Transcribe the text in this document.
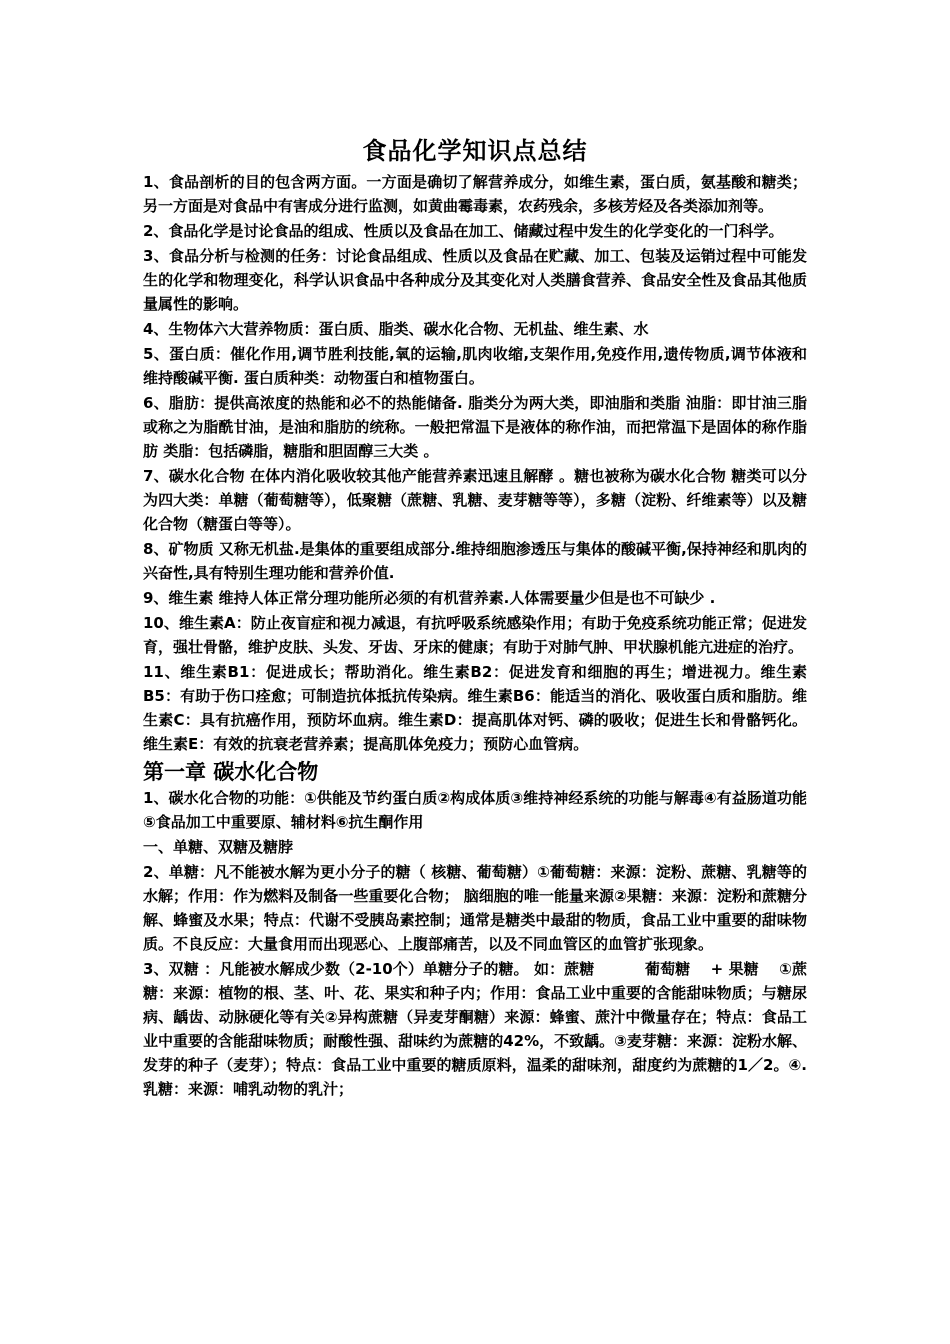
食品化学知识点总结

1、食品剖析的目的包含两方面。一方面是确切了解营养成分，如维生素，蛋白质，氨基酸和糖类；另一方面是对食品中有害成分进行监测，如黄曲霉毒素，农药残余，多核芳烃及各类添加剂等。

2、食品化学是讨论食品的组成、性质以及食品在加工、储藏过程中发生的化学变化的一门科学。

3、食品分析与检测的任务：讨论食品组成、性质以及食品在贮藏、加工、包装及运销过程中可能发生的化学和物理变化，科学认识食品中各种成分及其变化对人类膳食营养、食品安全性及食品其他质量属性的影响。

4、生物体六大营养物质：蛋白质、脂类、碳水化合物、无机盐、维生素、水

5、蛋白质：催化作用,调节胜利技能,氧的运输,肌肉收缩,支架作用,免疫作用,遗传物质,调节体液和维持酸碱平衡. 蛋白质种类：动物蛋白和植物蛋白。

6、脂肪：提供高浓度的热能和必不的热能储备. 脂类分为两大类，即油脂和类脂 油脂：即甘油三脂或称之为脂酰甘油，是油和脂肪的统称。一般把常温下是液体的称作油，而把常温下是固体的称作脂肪 类脂：包括磷脂，糖脂和胆固醇三大类 。

7、碳水化合物 在体内消化吸收较其他产能营养素迅速且解酵 。糖也被称为碳水化合物 糖类可以分为四大类：单糖（葡萄糖等），低聚糖（蔗糖、乳糖、麦芽糖等等），多糖（淀粉、纤维素等）以及糖化合物（糖蛋白等等）。

8、矿物质 又称无机盐.是集体的重要组成部分.维持细胞渗透压与集体的酸碱平衡,保持神经和肌肉的兴奋性,具有特别生理功能和营养价值.

9、维生素 维持人体正常分理功能所必须的有机营养素.人体需要量少但是也不可缺少 .

10、维生素A：防止夜盲症和视力减退，有抗呼吸系统感染作用；有助于免疫系统功能正常；促进发育，强壮骨骼，维护皮肤、头发、牙齿、牙床的健康；有助于对肺气肿、甲状腺机能亢进症的治疗。

11、维生素B1：促进成长；帮助消化。维生素B2：促进发育和细胞的再生；增进视力。维生素B5：有助于伤口痊愈；可制造抗体抵抗传染病。维生素B6：能适当的消化、吸收蛋白质和脂肪。维生素C：具有抗癌作用，预防坏血病。维生素D：提高肌体对钙、磷的吸收；促进生长和骨骼钙化。维生素E：有效的抗衰老营养素；提高肌体免疫力；预防心血管病。

第一章 碳水化合物

1、碳水化合物的功能：①供能及节约蛋白质②构成体质③维持神经系统的功能与解毒④有益肠道功能⑤食品加工中重要原、辅材料⑥抗生酮作用

一、单糖、双糖及糖脖

2、单糖：凡不能被水解为更小分子的糖（ 核糖、葡萄糖）①葡萄糖：来源：淀粉、蔗糖、乳糖等的水解；作用：作为燃料及制备一些重要化合物； 脑细胞的唯一能量来源②果糖：来源：淀粉和蔗糖分解、蜂蜜及水果；特点：代谢不受胰岛素控制；通常是糖类中最甜的物质，食品工业中重要的甜味物质。不良反应：大量食用而出现恶心、上腹部痛苦，以及不同血管区的血管扩张现象。

3、双糖 ：凡能被水解成少数（2-10个）单糖分子的糖。 如：蔗糖　　　 葡萄糖　 + 果糖　 ①蔗糖：来源：植物的根、茎、叶、花、果实和种子内；作用：食品工业中重要的含能甜味物质；与糖尿病、龋齿、动脉硬化等有关②异构蔗糖（异麦芽酮糖）来源：蜂蜜、蔗汁中微量存在；特点：食品工业中重要的含能甜味物质；耐酸性强、甜味约为蔗糖的42%，不致龋。③麦芽糖：来源：淀粉水解、发芽的种子（麦芽）；特点：食品工业中重要的糖质原料，温柔的甜味剂，甜度约为蔗糖的1／2。④.乳糖：来源：哺乳动物的乳汁；
